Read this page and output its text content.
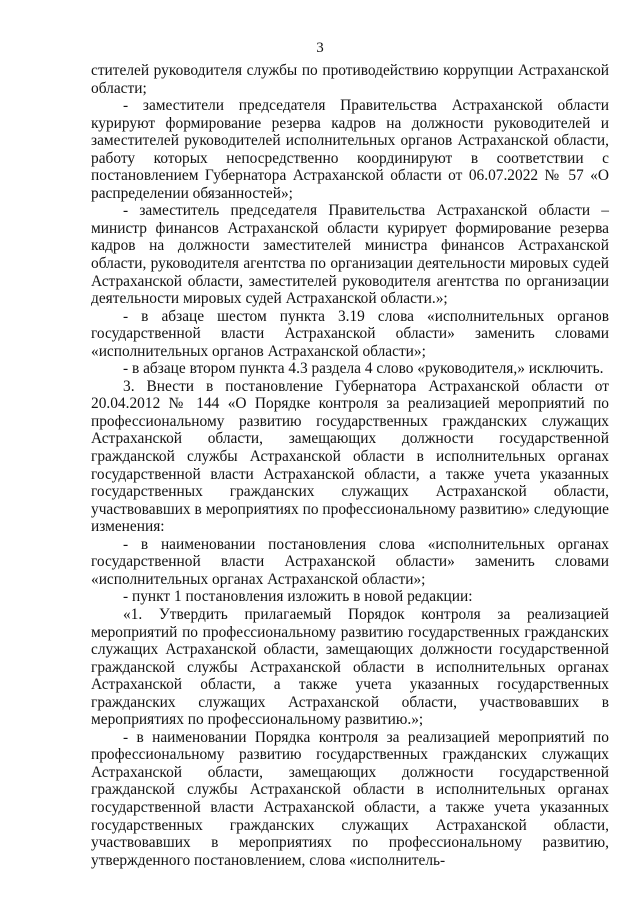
3

стителей руководителя службы по противодействию коррупции Астраханской области;

- заместители председателя Правительства Астраханской области курируют формирование резерва кадров на должности руководителей и заместителей руководителей исполнительных органов Астраханской области, работу которых непосредственно координируют в соответствии с постановлением Губернатора Астраханской области от 06.07.2022 № 57 «О распределении обязанностей»;

- заместитель председателя Правительства Астраханской области – министр финансов Астраханской области курирует формирование резерва кадров на должности заместителей министра финансов Астраханской области, руководителя агентства по организации деятельности мировых судей Астраханской области, заместителей руководителя агентства по организации деятельности мировых судей Астраханской области.»;

- в абзаце шестом пункта 3.19 слова «исполнительных органов государственной власти Астраханской области» заменить словами «исполнительных органов Астраханской области»;

- в абзаце втором пункта 4.3 раздела 4 слово «руководителя,» исключить.

3. Внести в постановление Губернатора Астраханской области от 20.04.2012 № 144 «О Порядке контроля за реализацией мероприятий по профессиональному развитию государственных гражданских служащих Астраханской области, замещающих должности государственной гражданской службы Астраханской области в исполнительных органах государственной власти Астраханской области, а также учета указанных государственных гражданских служащих Астраханской области, участвовавших в мероприятиях по профессиональному развитию» следующие изменения:

- в наименовании постановления слова «исполнительных органах государственной власти Астраханской области» заменить словами «исполнительных органах Астраханской области»;

- пункт 1 постановления изложить в новой редакции:

«1. Утвердить прилагаемый Порядок контроля за реализацией мероприятий по профессиональному развитию государственных гражданских служащих Астраханской области, замещающих должности государственной гражданской службы Астраханской области в исполнительных органах Астраханской области, а также учета указанных государственных гражданских служащих Астраханской области, участвовавших в мероприятиях по профессиональному развитию.»;

- в наименовании Порядка контроля за реализацией мероприятий по профессиональному развитию государственных гражданских служащих Астраханской области, замещающих должности государственной гражданской службы Астраханской области в исполнительных органах государственной власти Астраханской области, а также учета указанных государственных гражданских служащих Астраханской области, участвовавших в мероприятиях по профессиональному развитию, утвержденного постановлением, слова «исполнитель-
